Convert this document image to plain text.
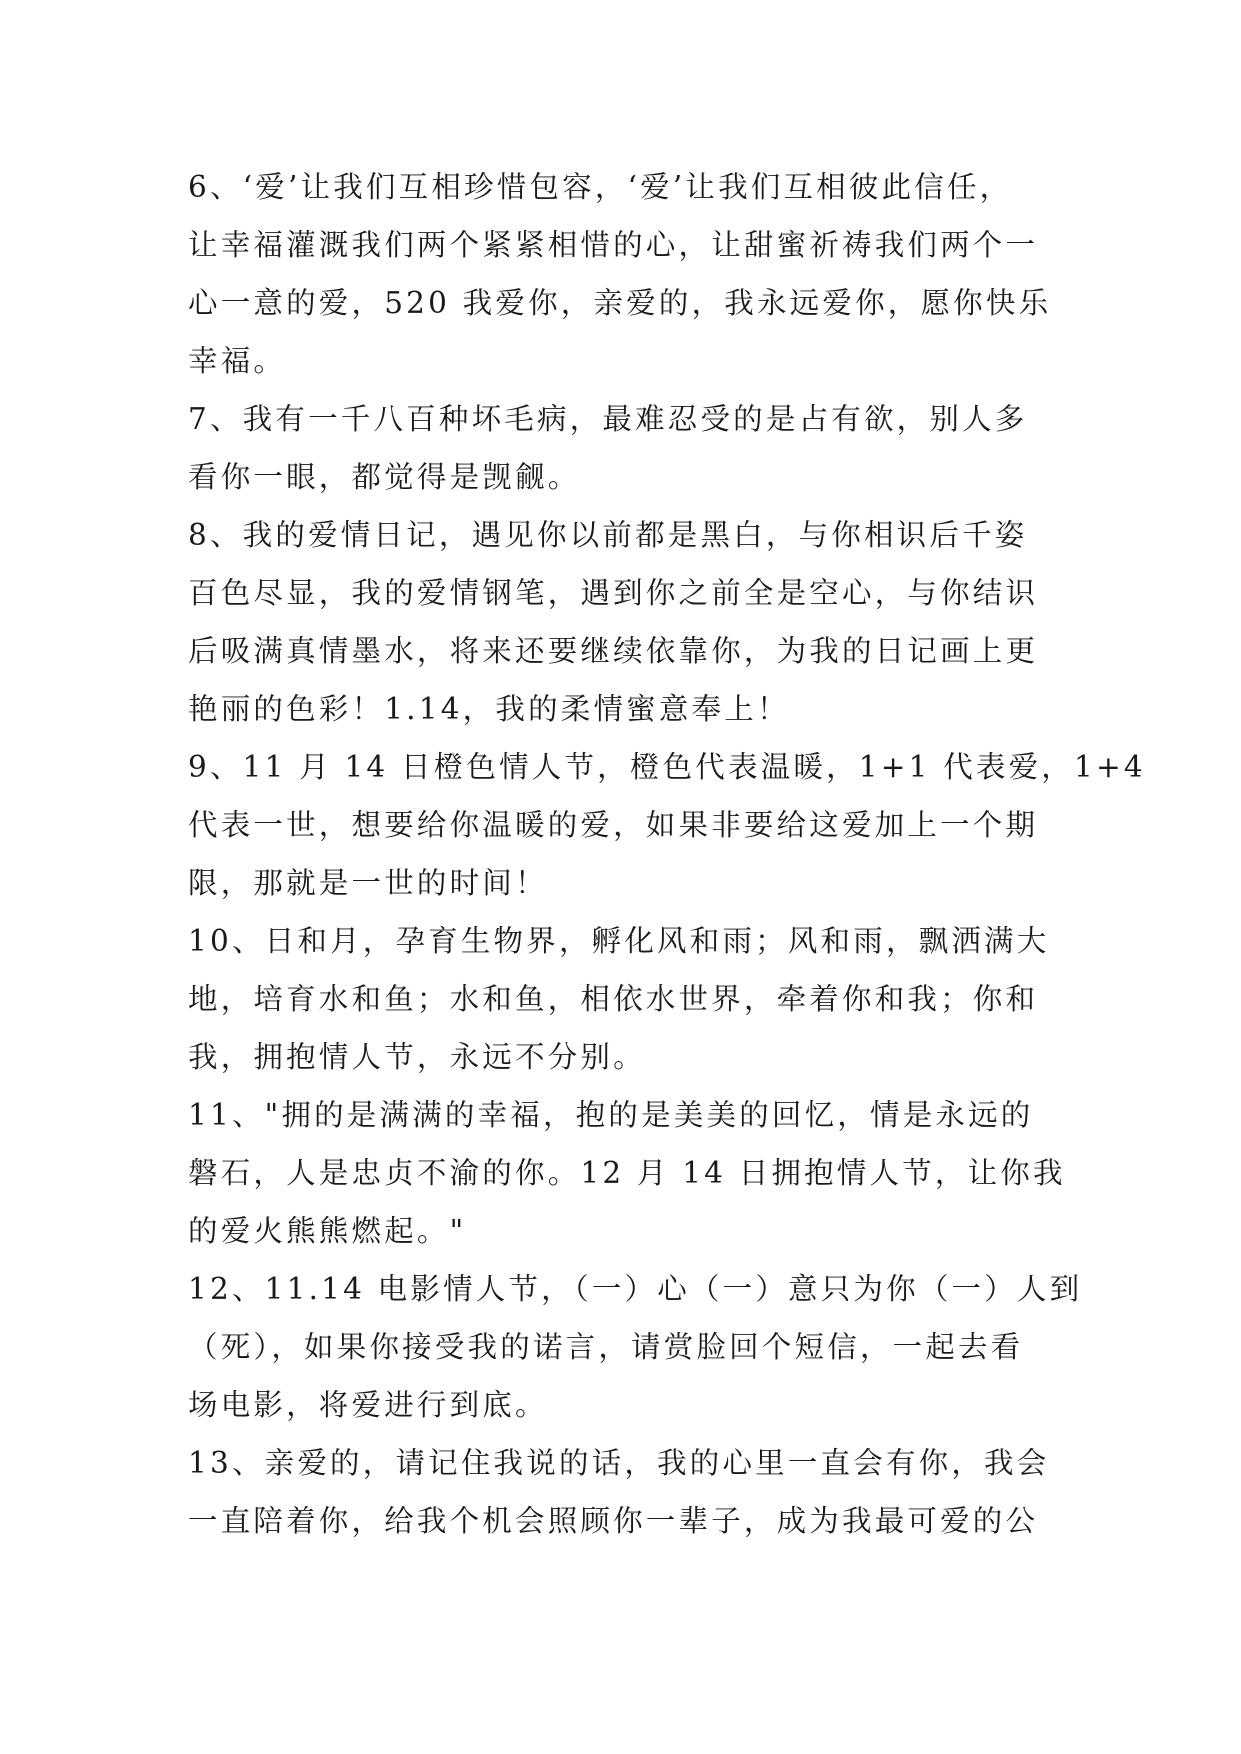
6、‘爱’让我们互相珍惜包容，‘爱’让我们互相彼此信任，
让幸福灌溉我们两个紧紧相惜的心，让甜蜜祈祷我们两个一
心一意的爱，520 我爱你，亲爱的，我永远爱你，愿你快乐
幸福。
7、我有一千八百种坏毛病，最难忍受的是占有欲，别人多
看你一眼，都觉得是觊觎。
8、我的爱情日记，遇见你以前都是黑白，与你相识后千姿
百色尽显，我的爱情钢笔，遇到你之前全是空心，与你结识
后吸满真情墨水，将来还要继续依靠你，为我的日记画上更
艳丽的色彩！1.14，我的柔情蜜意奉上！
9、11 月 14 日橙色情人节，橙色代表温暖，1+1 代表爱，1+4
代表一世，想要给你温暖的爱，如果非要给这爱加上一个期
限，那就是一世的时间！
10、日和月，孕育生物界，孵化风和雨；风和雨，飘洒满大
地，培育水和鱼；水和鱼，相依水世界，牵着你和我；你和
我，拥抱情人节，永远不分别。
11、"拥的是满满的幸福，抱的是美美的回忆，情是永远的
磐石，人是忠贞不渝的你。12 月 14 日拥抱情人节，让你我
的爱火熊熊燃起。"
12、11.14 电影情人节，（一）心（一）意只为你（一）人到
（死），如果你接受我的诺言，请赏脸回个短信，一起去看
场电影，将爱进行到底。
13、亲爱的，请记住我说的话，我的心里一直会有你，我会
一直陪着你，给我个机会照顾你一辈子，成为我最可爱的公
